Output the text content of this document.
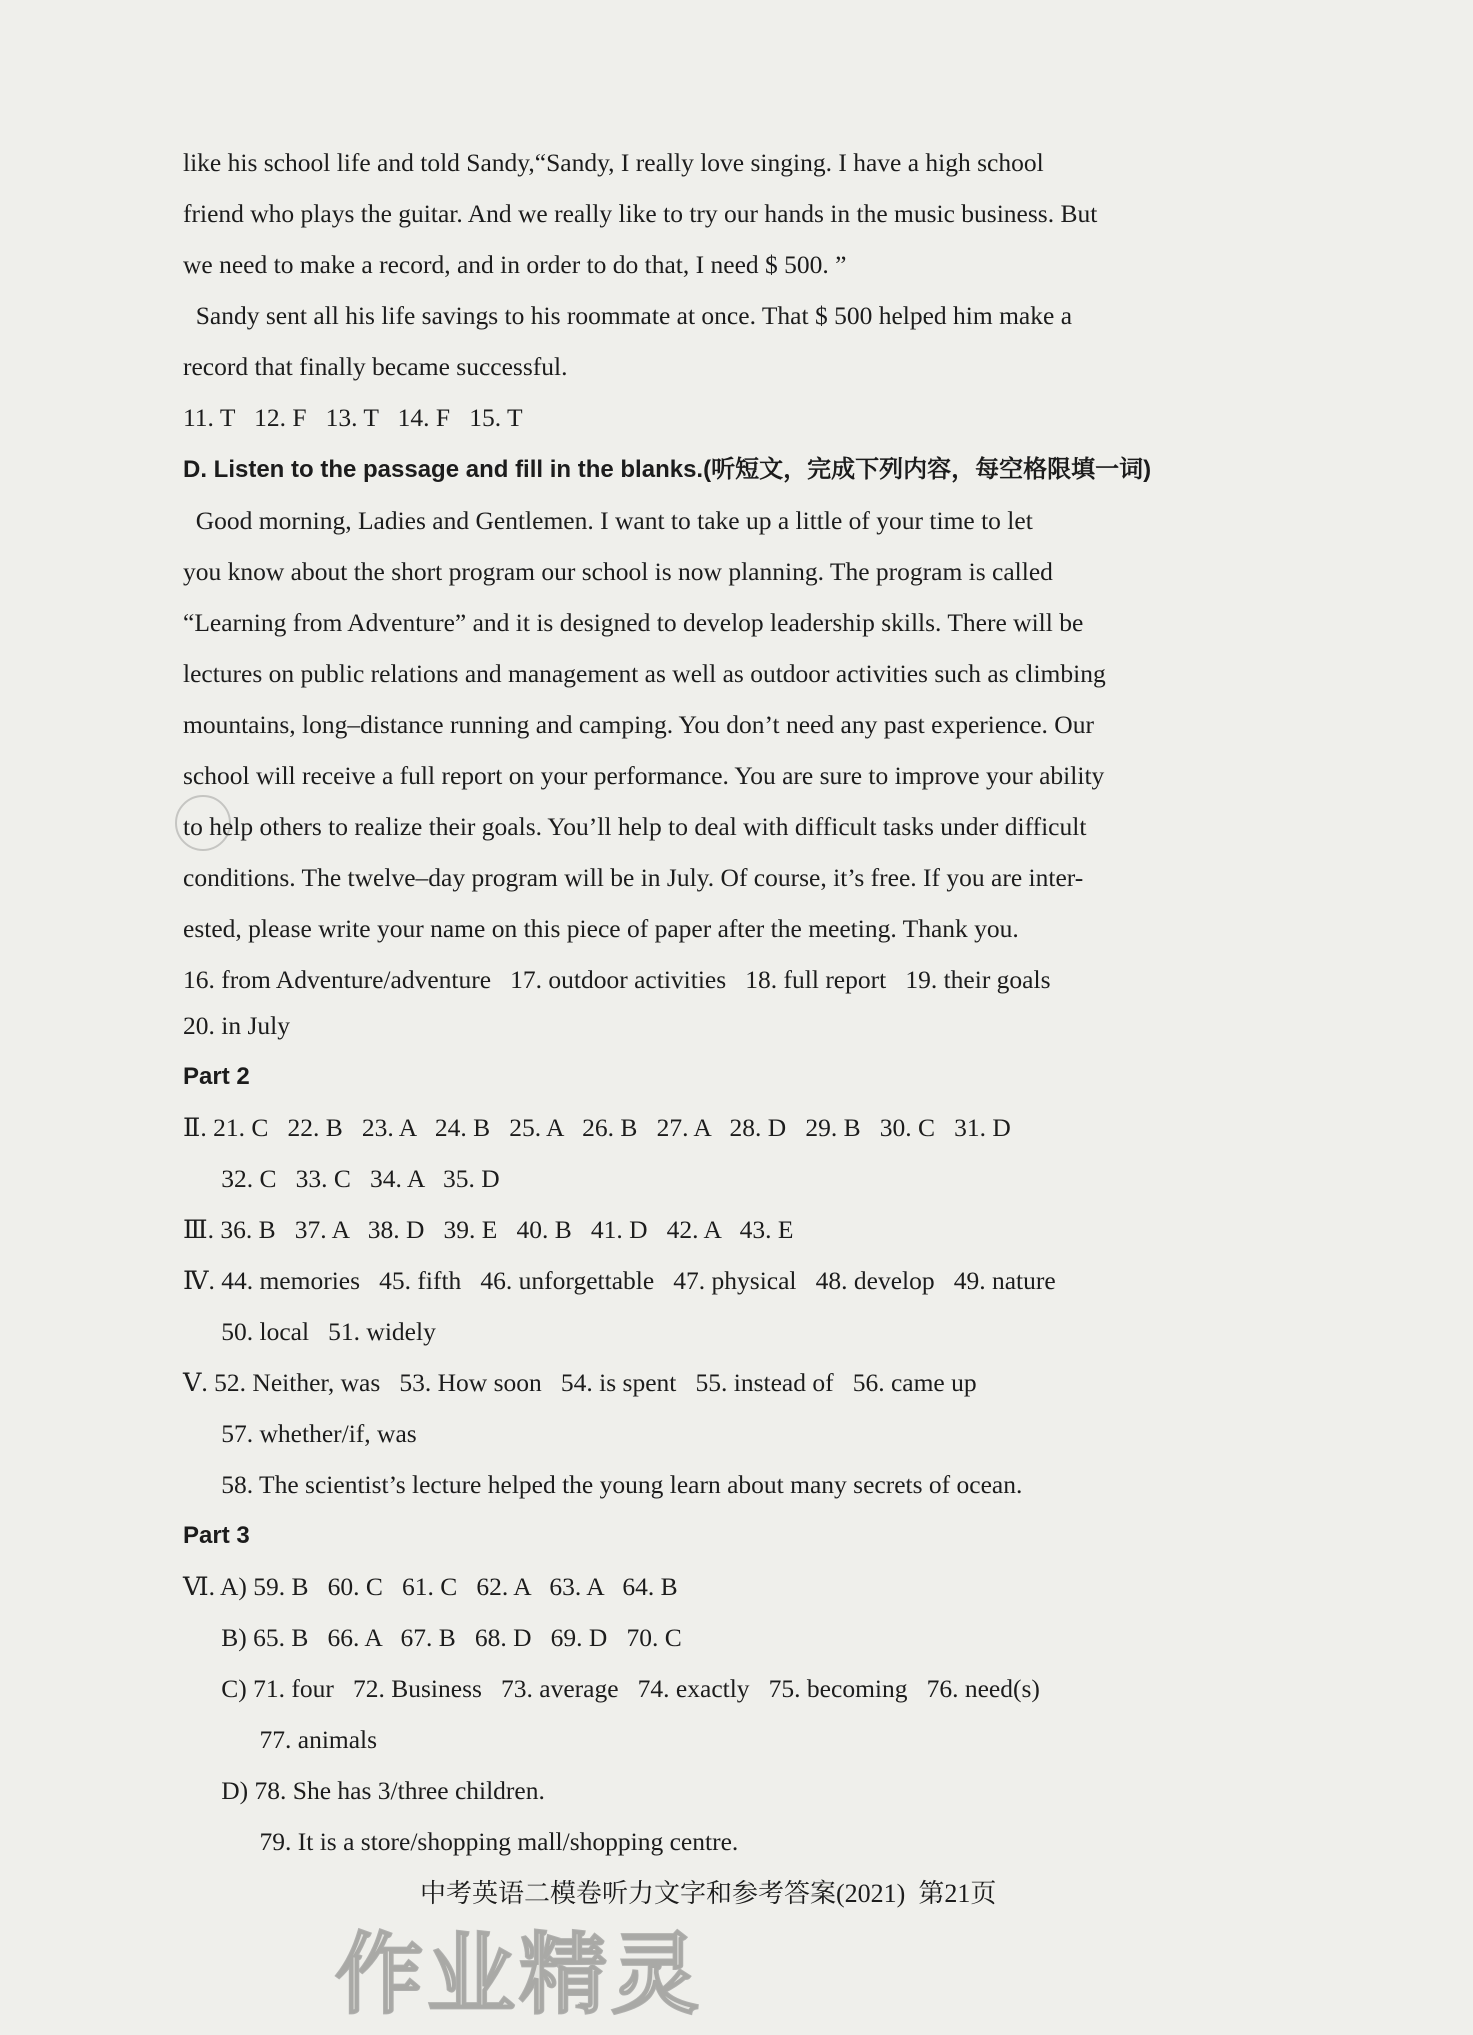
like his school life and told Sandy,“Sandy, I really love singing. I have a high school
friend who plays the guitar. And we really like to try our hands in the music business. But
we need to make a record, and in order to do that, I need $ 500. ”
Sandy sent all his life savings to his roommate at once. That $ 500 helped him make a
record that finally became successful.
11. T   12. F   13. T   14. F   15. T
D. Listen to the passage and fill in the blanks.(听短文，完成下列内容，每空格限填一词)
Good morning, Ladies and Gentlemen. I want to take up a little of your time to let
you know about the short program our school is now planning. The program is called
“Learning from Adventure” and it is designed to develop leadership skills. There will be
lectures on public relations and management as well as outdoor activities such as climbing
mountains, long–distance running and camping. You don’t need any past experience. Our
school will receive a full report on your performance. You are sure to improve your ability
to help others to realize their goals. You’ll help to deal with difficult tasks under difficult
conditions. The twelve–day program will be in July. Of course, it’s free. If you are inter-
ested, please write your name on this piece of paper after the meeting. Thank you.
16. from Adventure/adventure   17. outdoor activities   18. full report   19. their goals
20. in July
Part 2
Ⅱ. 21. C   22. B   23. A   24. B   25. A   26. B   27. A   28. D   29. B   30. C   31. D
32. C   33. C   34. A   35. D
Ⅲ. 36. B   37. A   38. D   39. E   40. B   41. D   42. A   43. E
Ⅳ. 44. memories   45. fifth   46. unforgettable   47. physical   48. develop   49. nature
50. local   51. widely
Ⅴ. 52. Neither, was   53. How soon   54. is spent   55. instead of   56. came up
57. whether/if, was
58. The scientist’s lecture helped the young learn about many secrets of ocean.
Part 3
Ⅵ. A) 59. B   60. C   61. C   62. A   63. A   64. B
B) 65. B   66. A   67. B   68. D   69. D   70. C
C) 71. four   72. Business   73. average   74. exactly   75. becoming   76. need(s)
77. animals
D) 78. She has 3/three children.
79. It is a store/shopping mall/shopping centre.
中考英语二模卷听力文字和参考答案(2021)  第21页
作业精灵
